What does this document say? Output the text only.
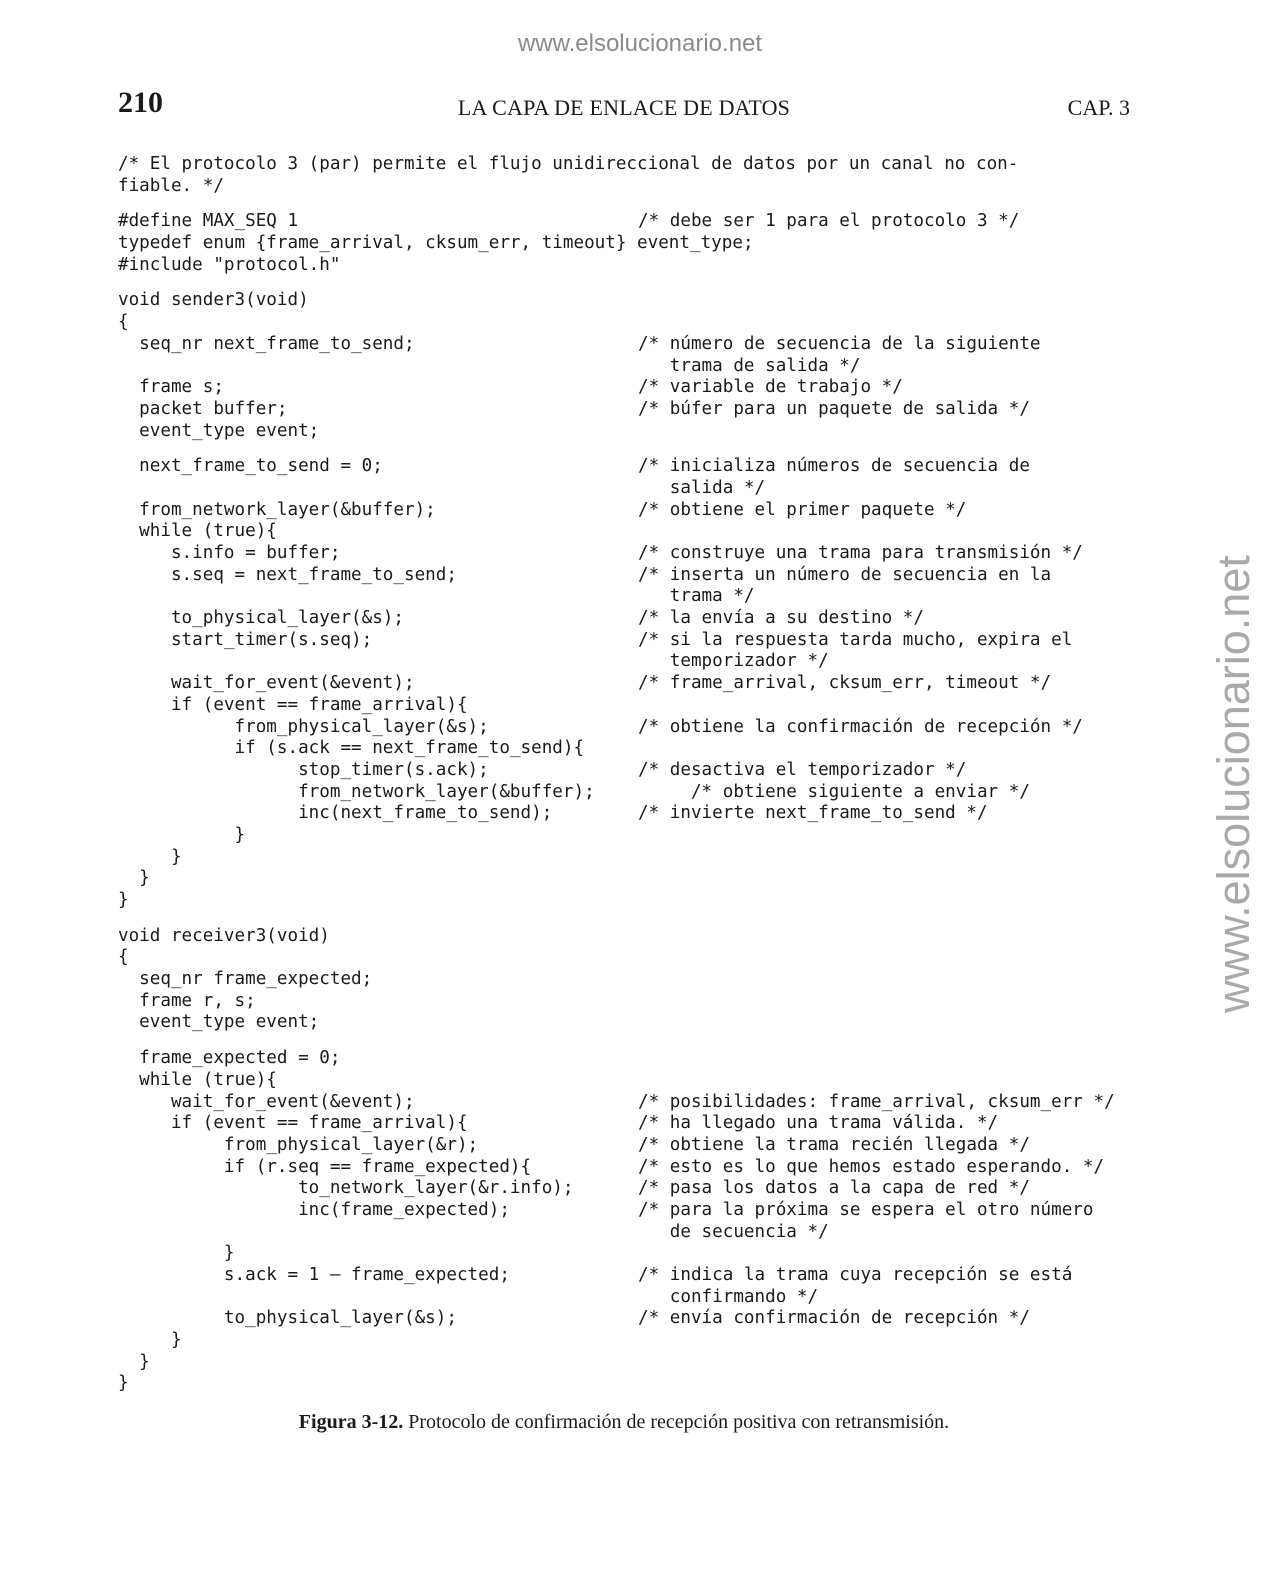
www.elsolucionario.net
www.elsolucionario.net
210	LA CAPA DE ENLACE DE DATOS	CAP. 3
/* El protocolo 3 (par) permite el flujo unidireccional de datos por un canal no con-
fiable. */
#define MAX_SEQ 1	/* debe ser 1 para el protocolo 3 */
typedef enum {frame_arrival, cksum_err, timeout} event_type;
#include "protocol.h"
void sender3(void)
{
seq_nr next_frame_to_send;	/* número de secuencia de la siguiente
trama de salida */
frame s;	/* variable de trabajo */
packet buffer;	/* búfer para un paquete de salida */
event_type event;
next_frame_to_send = 0;	/* inicializa números de secuencia de
salida */
from_network_layer(&buffer);	/* obtiene el primer paquete */
while (true){
s.info = buffer;	/* construye una trama para transmisión */
s.seq = next_frame_to_send;	/* inserta un número de secuencia en la
trama */
to_physical_layer(&s);	/* la envía a su destino */
start_timer(s.seq);	/* si la respuesta tarda mucho, expira el
temporizador */
wait_for_event(&event);	/* frame_arrival, cksum_err, timeout */
if (event == frame_arrival){
from_physical_layer(&s);	/* obtiene la confirmación de recepción */
if (s.ack == next_frame_to_send){
stop_timer(s.ack);	/* desactiva el temporizador */
from_network_layer(&buffer); /* obtiene siguiente a enviar */
inc(next_frame_to_send);	/* invierte next_frame_to_send */
}
}
}
}
void receiver3(void)
{
seq_nr frame_expected;
frame r, s;
event_type event;
frame_expected = 0;
while (true){
wait_for_event(&event);	/* posibilidades: frame_arrival, cksum_err */
if (event == frame_arrival){	/* ha llegado una trama válida. */
from_physical_layer(&r);	/* obtiene la trama recién llegada */
if (r.seq == frame_expected){	/* esto es lo que hemos estado esperando. */
to_network_layer(&r.info);	/* pasa los datos a la capa de red */
inc(frame_expected);	/* para la próxima se espera el otro número
de secuencia */
}
s.ack = 1 – frame_expected;	/* indica la trama cuya recepción se está
confirmando */
to_physical_layer(&s);	/* envía confirmación de recepción */
}
}
}
Figura 3-12. Protocolo de confirmación de recepción positiva con retransmisión.
